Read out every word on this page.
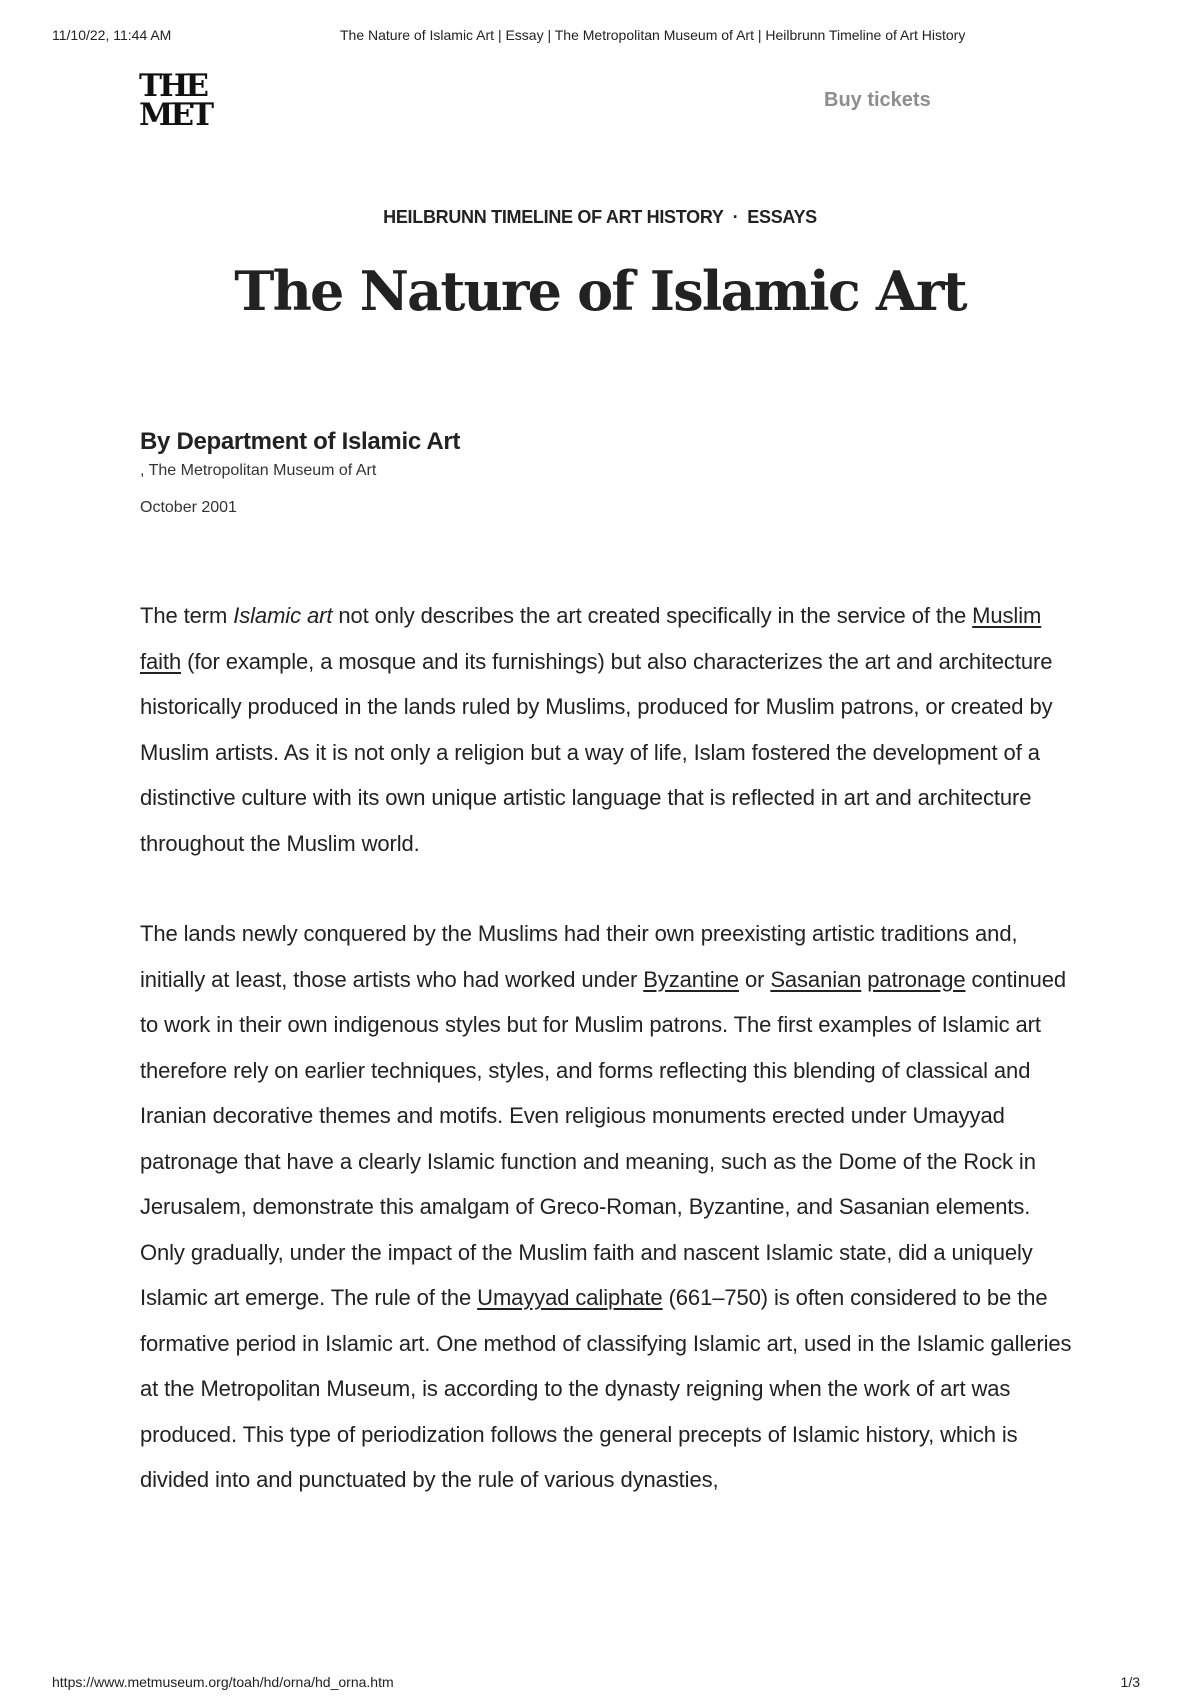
11/10/22, 11:44 AM	The Nature of Islamic Art | Essay | The Metropolitan Museum of Art | Heilbrunn Timeline of Art History
THE
MET	Buy tickets
HEILBRUNN TIMELINE OF ART HISTORY · ESSAYS
The Nature of Islamic Art
By Department of Islamic Art
, The Metropolitan Museum of Art
October 2001

The term Islamic art not only describes the art created specifically in the service of the Muslim faith (for example, a mosque and its furnishings) but also characterizes the art and architecture historically produced in the lands ruled by Muslims, produced for Muslim patrons, or created by Muslim artists. As it is not only a religion but a way of life, Islam fostered the development of a distinctive culture with its own unique artistic language that is reflected in art and architecture throughout the Muslim world.

The lands newly conquered by the Muslims had their own preexisting artistic traditions and, initially at least, those artists who had worked under Byzantine or Sasanian patronage continued to work in their own indigenous styles but for Muslim patrons. The first examples of Islamic art therefore rely on earlier techniques, styles, and forms reflecting this blending of classical and Iranian decorative themes and motifs. Even religious monuments erected under Umayyad patronage that have a clearly Islamic function and meaning, such as the Dome of the Rock in Jerusalem, demonstrate this amalgam of Greco-Roman, Byzantine, and Sasanian elements. Only gradually, under the impact of the Muslim faith and nascent Islamic state, did a uniquely Islamic art emerge. The rule of the Umayyad caliphate (661–750) is often considered to be the formative period in Islamic art. One method of classifying Islamic art, used in the Islamic galleries at the Metropolitan Museum, is according to the dynasty reigning when the work of art was produced. This type of periodization follows the general precepts of Islamic history, which is divided into and punctuated by the rule of various dynasties,

https://www.metmuseum.org/toah/hd/orna/hd_orna.htm	1/3
